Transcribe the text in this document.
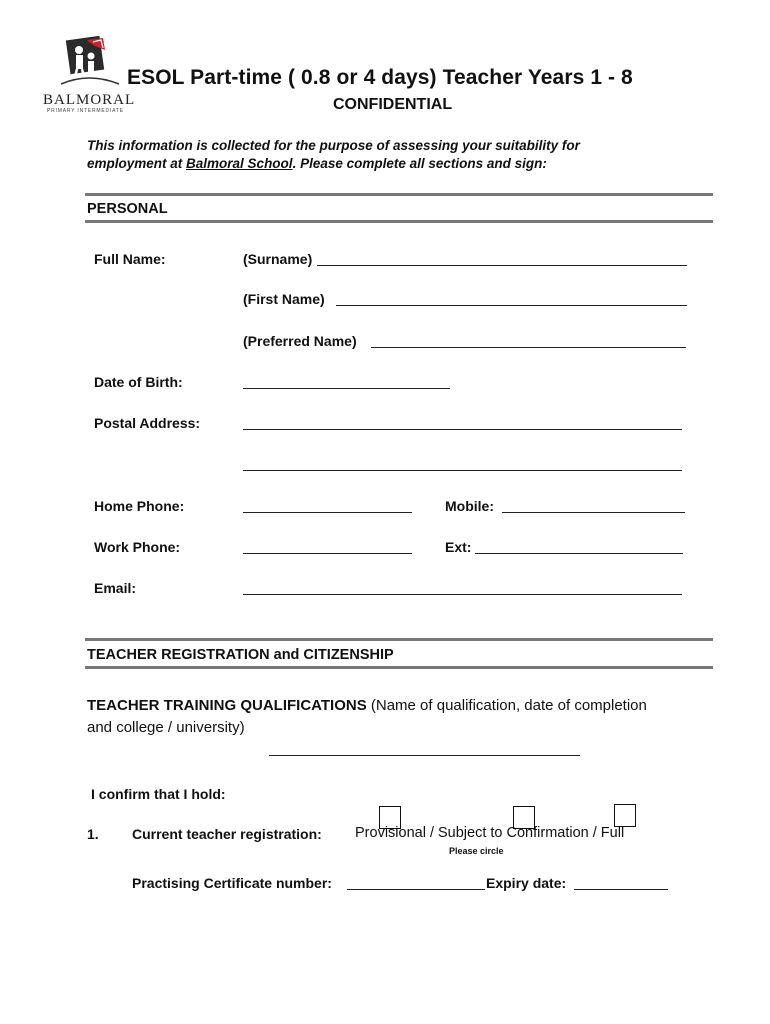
BALMORAL
PRIMARY INTERMEDIATE
ESOL Part-time ( 0.8 or 4 days) Teacher Years 1 - 8
CONFIDENTIAL
This information is collected for the purpose of assessing your suitability for
employment at Balmoral School. Please complete all sections and sign:
PERSONAL
Full Name:	(Surname)
(First Name)
(Preferred Name)
Date of Birth:
Postal Address:
Home Phone:	Mobile:
Work Phone:	Ext:
Email:
TEACHER REGISTRATION and CITIZENSHIP
TEACHER TRAINING QUALIFICATIONS (Name of qualification, date of completion
and college / university)
I confirm that I hold:
1. Current teacher registration: Provisional / Subject to Confirmation / Full
Please circle
Practising Certificate number:	Expiry date:
